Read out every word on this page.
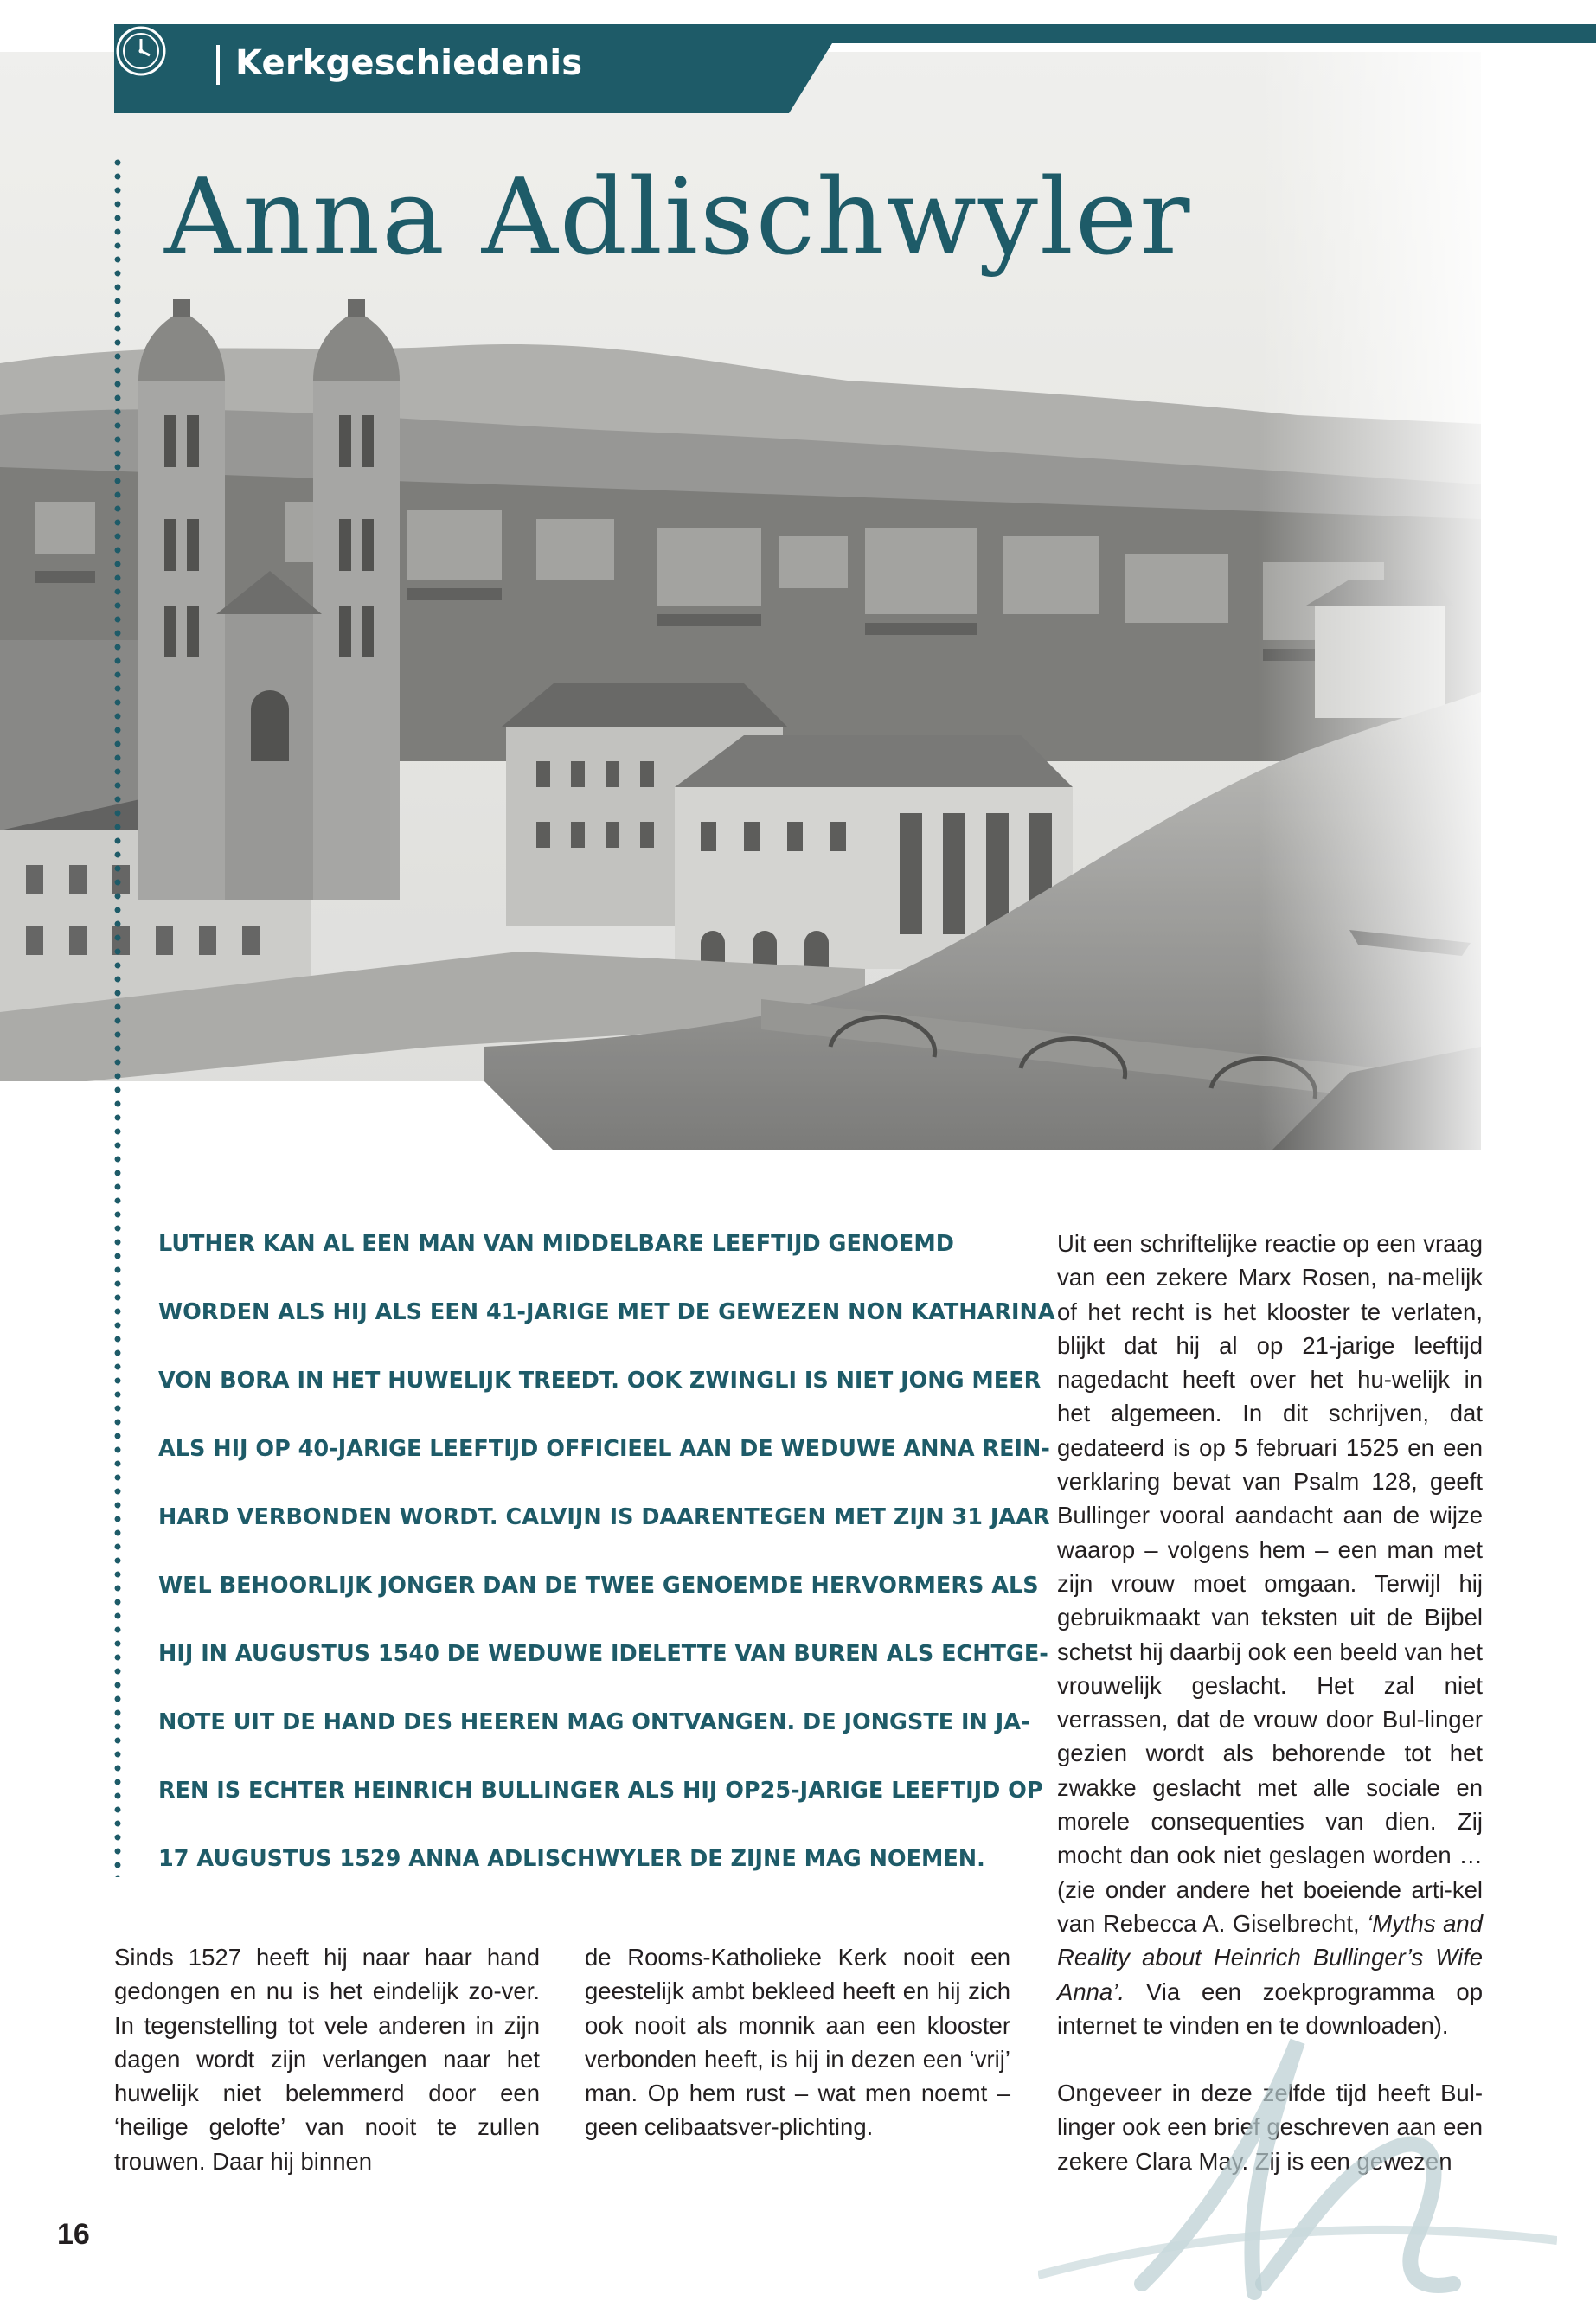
Anna Adlischwyler
Kerkgeschiedenis
LUTHER KAN AL EEN MAN VAN MIDDELBARE LEEFTIJD GENOEMD
WORDEN ALS HIJ ALS EEN 41-JARIGE MET DE GEWEZEN NON KATHARINA
VON BORA IN HET HUWELIJK TREEDT. OOK ZWINGLI IS NIET JONG MEER
ALS HIJ OP 40-JARIGE LEEFTIJD OFFICIEEL AAN DE WEDUWE ANNA REIN-
HARD VERBONDEN WORDT. CALVIJN IS DAARENTEGEN MET ZIJN 31 JAAR
WEL BEHOORLIJK JONGER DAN DE TWEE GENOEMDE HERVORMERS ALS
HIJ IN AUGUSTUS 1540 DE WEDUWE IDELETTE VAN BUREN ALS ECHTGE-
NOTE UIT DE HAND DES HEEREN MAG ONTVANGEN. DE JONGSTE IN JA-
REN IS ECHTER HEINRICH BULLINGER ALS HIJ OP25-JARIGE LEEFTIJD OP
17 AUGUSTUS 1529 ANNA ADLISCHWYLER DE ZIJNE MAG NOEMEN.

Sinds 1527 heeft hij naar haar hand gedongen en nu is het eindelijk zo-ver. In tegenstelling tot vele anderen in zijn dagen wordt zijn verlangen naar het huwelijk niet belemmerd door een ‘heilige gelofte’ van nooit te zullen trouwen. Daar hij binnen

de Rooms-Katholieke Kerk nooit een geestelijk ambt bekleed heeft en hij zich ook nooit als monnik aan een klooster verbonden heeft, is hij in dezen een ‘vrij’ man. Op hem rust – wat men noemt – geen celibaatsver-plichting.

Uit een schriftelijke reactie op een vraag van een zekere Marx Rosen, na-melijk of het recht is het klooster te verlaten, blijkt dat hij al op 21-jarige leeftijd nagedacht heeft over het hu-welijk in het algemeen. In dit schrijven, dat gedateerd is op 5 februari 1525 en een verklaring bevat van Psalm 128, geeft Bullinger vooral aandacht aan de wijze waarop – volgens hem – een man met zijn vrouw moet omgaan. Terwijl hij gebruikmaakt van teksten uit de Bijbel schetst hij daarbij ook een beeld van het vrouwelijk geslacht. Het zal niet verrassen, dat de vrouw door Bul-linger gezien wordt als behorende tot het zwakke geslacht met alle sociale en morele consequenties van dien. Zij mocht dan ook niet geslagen worden … (zie onder andere het boeiende arti-kel van Rebecca A. Giselbrecht, ‘Myths and Reality about Heinrich Bullinger’s Wife Anna’. Via een zoekprogramma op internet te vinden en te downloaden).

Ongeveer in deze zelfde tijd heeft Bul-linger ook een brief geschreven aan een zekere Clara May. Zij is een gewezen

16
